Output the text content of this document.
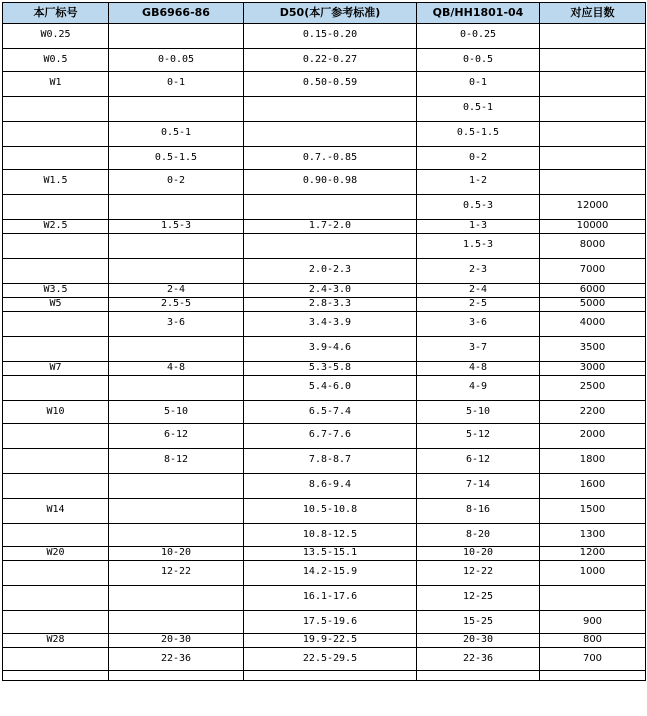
本厂标号	GB6966-86	D50(本厂参考标准)	QB/HH1801-04	对应目数
W0.25		0.15-0.20	0-0.25	
W0.5	0-0.05	0.22-0.27	0-0.5	
W1	0-1	0.50-0.59	0-1	
			0.5-1	
	0.5-1		0.5-1.5	
	0.5-1.5	0.7.-0.85	0-2	
W1.5	0-2	0.90-0.98	1-2	
			0.5-3	12000
W2.5	1.5-3	1.7-2.0	1-3	10000
			1.5-3	8000
		2.0-2.3	2-3	7000
W3.5	2-4	2.4-3.0	2-4	6000
W5	2.5-5	2.8-3.3	2-5	5000
	3-6	3.4-3.9	3-6	4000
		3.9-4.6	3-7	3500
W7	4-8	5.3-5.8	4-8	3000
		5.4-6.0	4-9	2500
W10	5-10	6.5-7.4	5-10	2200
	6-12	6.7-7.6	5-12	2000
	8-12	7.8-8.7	6-12	1800
		8.6-9.4	7-14	1600
W14		10.5-10.8	8-16	1500
		10.8-12.5	8-20	1300
W20	10-20	13.5-15.1	10-20	1200
	12-22	14.2-15.9	12-22	1000
		16.1-17.6	12-25	
		17.5-19.6	15-25	900
W28	20-30	19.9-22.5	20-30	800
	22-36	22.5-29.5	22-36	700
